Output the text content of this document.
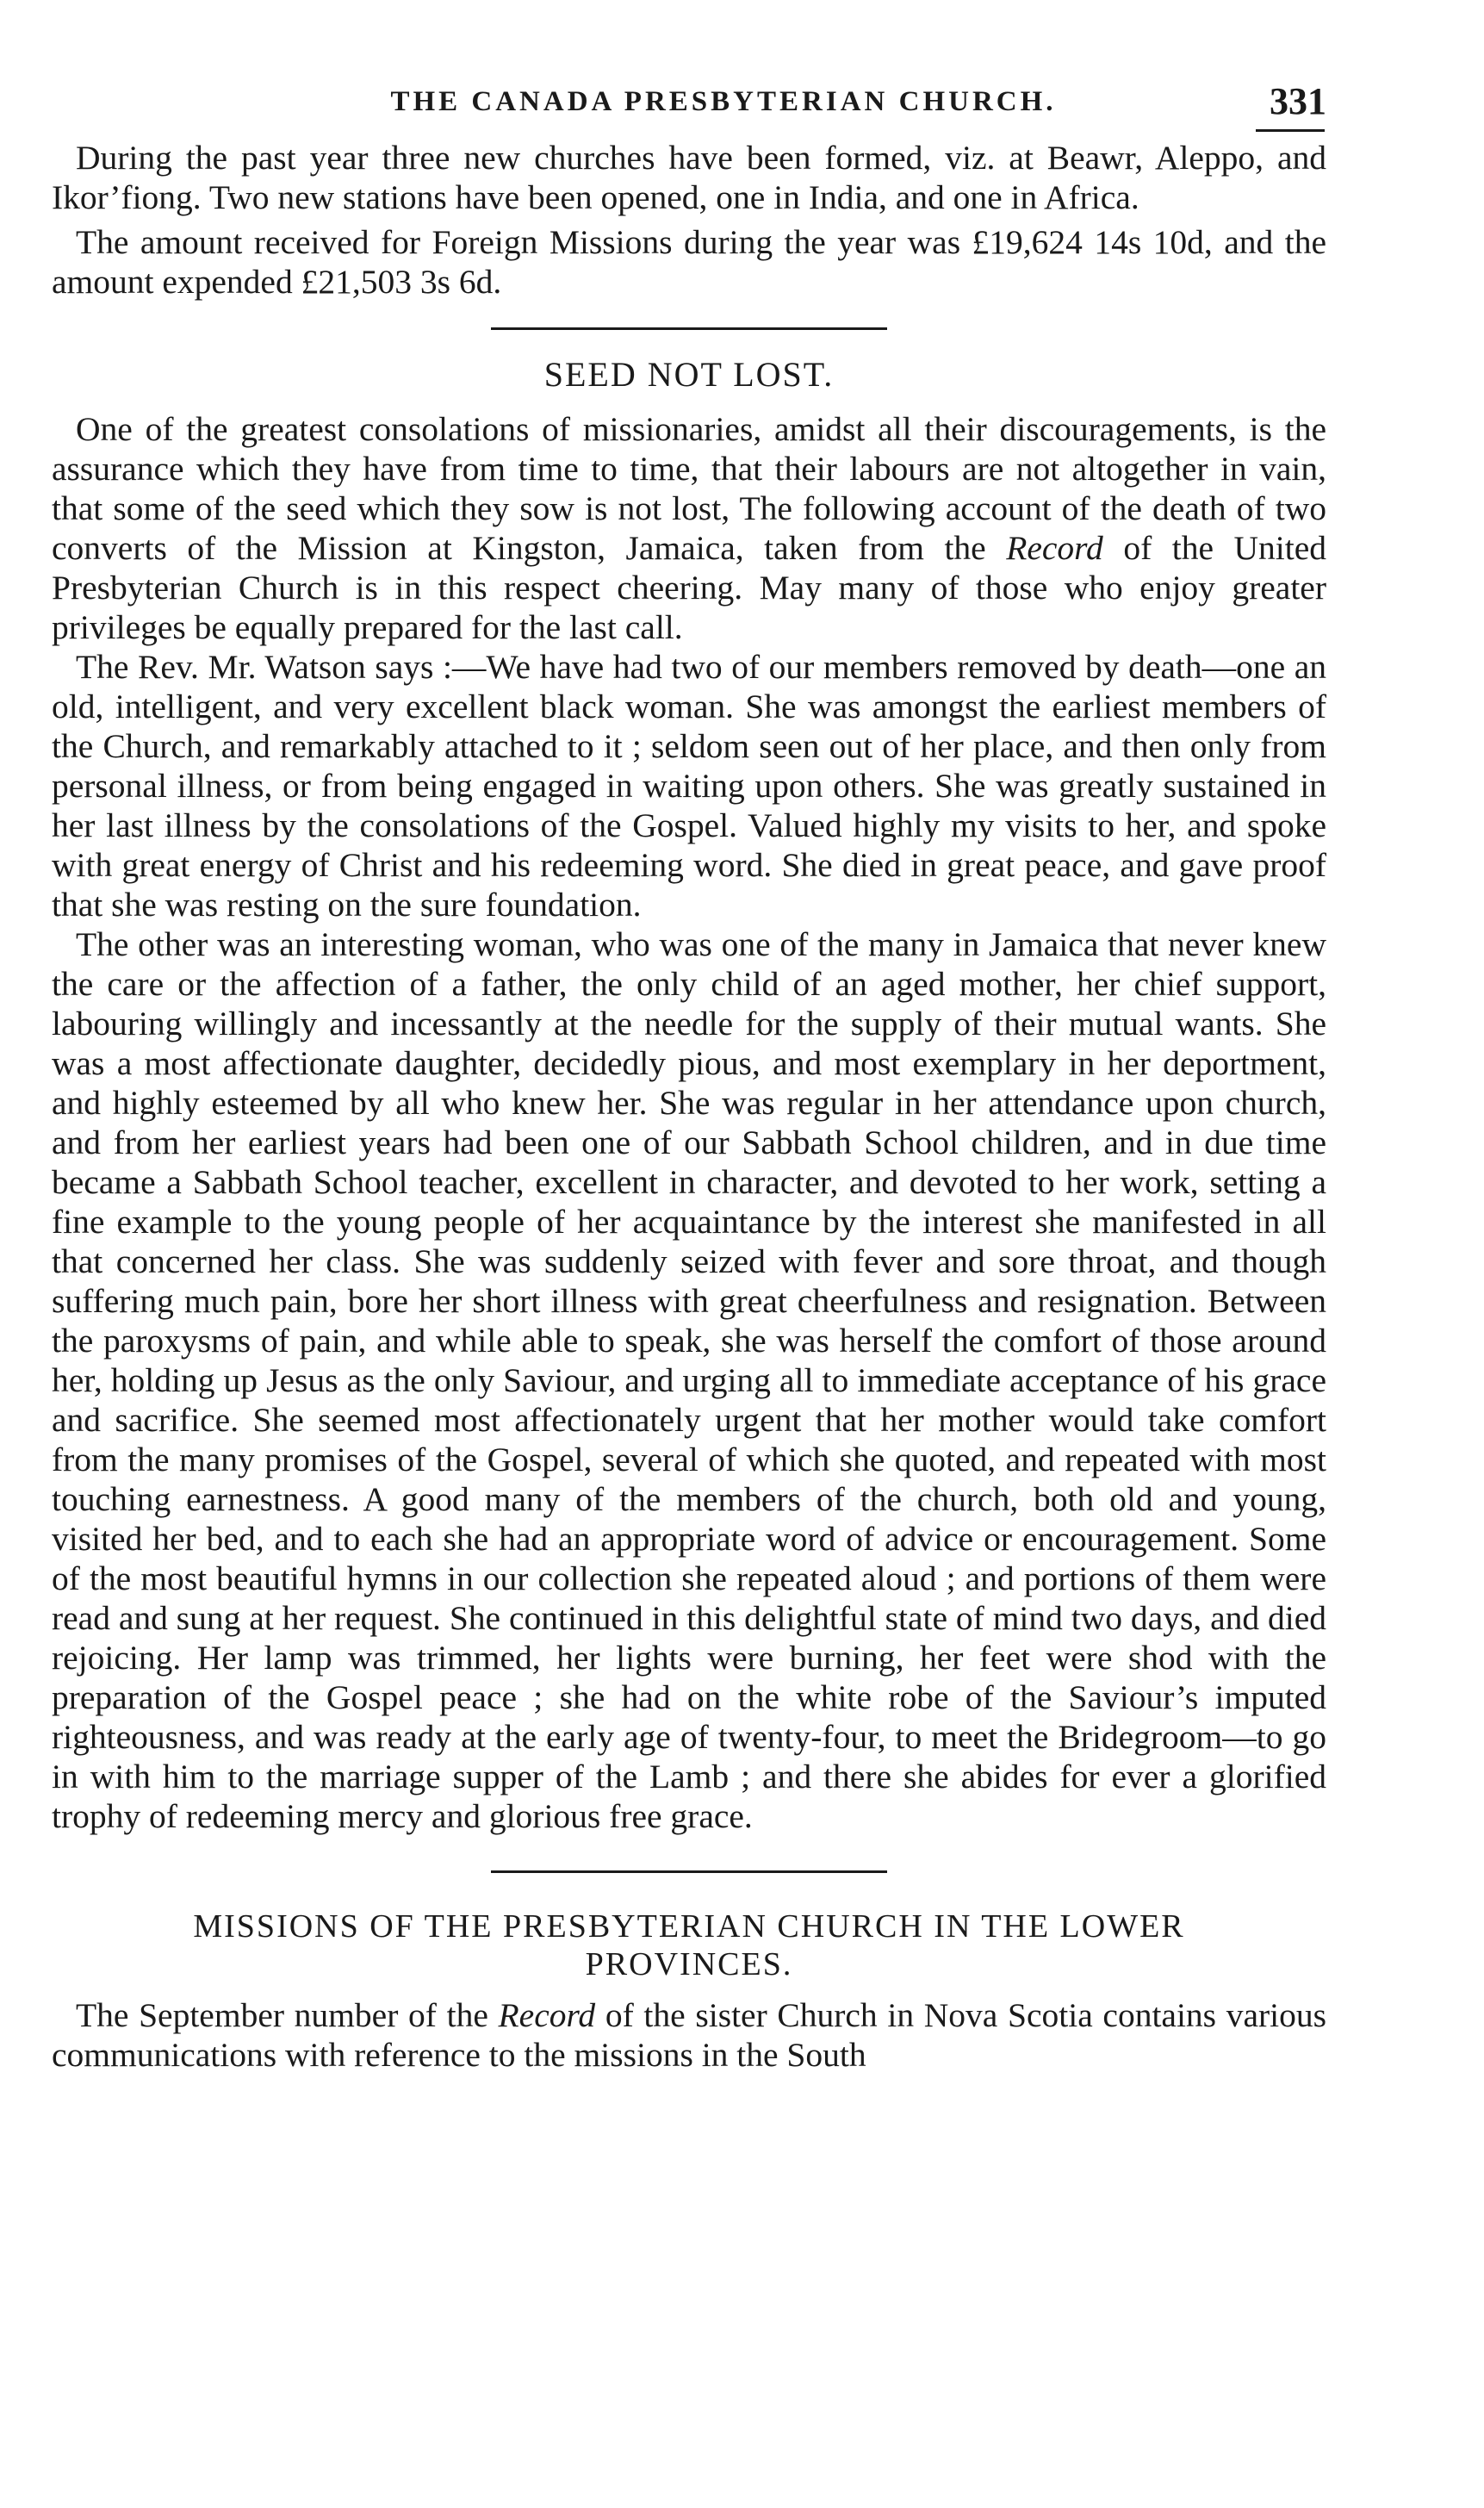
THE CANADA PRESBYTERIAN CHURCH.	331

During the past year three new churches have been formed, viz. at Beawr, Aleppo, and Ikor’fiong. Two new stations have been opened, one in India, and one in Africa.

The amount received for Foreign Missions during the year was £19,624 14s 10d, and the amount expended £21,503 3s 6d.

SEED NOT LOST.

One of the greatest consolations of missionaries, amidst all their discouragements, is the assurance which they have from time to time, that their labours are not altogether in vain, that some of the seed which they sow is not lost, The following account of the death of two converts of the Mission at Kingston, Jamaica, taken from the Record of the United Presbyterian Church is in this respect cheering. May many of those who enjoy greater privileges be equally prepared for the last call.

The Rev. Mr. Watson says :—We have had two of our members removed by death—one an old, intelligent, and very excellent black woman. She was amongst the earliest members of the Church, and remarkably attached to it ; seldom seen out of her place, and then only from personal illness, or from being engaged in waiting upon others. She was greatly sustained in her last illness by the consolations of the Gospel. Valued highly my visits to her, and spoke with great energy of Christ and his redeeming word. She died in great peace, and gave proof that she was resting on the sure foundation.

The other was an interesting woman, who was one of the many in Jamaica that never knew the care or the affection of a father, the only child of an aged mother, her chief support, labouring willingly and incessantly at the needle for the supply of their mutual wants. She was a most affectionate daughter, decidedly pious, and most exemplary in her deportment, and highly esteemed by all who knew her. She was regular in her attendance upon church, and from her earliest years had been one of our Sabbath School children, and in due time became a Sabbath School teacher, excellent in character, and devoted to her work, setting a fine example to the young people of her acquaintance by the interest she manifested in all that concerned her class. She was suddenly seized with fever and sore throat, and though suffering much pain, bore her short illness with great cheerfulness and resignation. Between the paroxysms of pain, and while able to speak, she was herself the comfort of those around her, holding up Jesus as the only Saviour, and urging all to immediate acceptance of his grace and sacrifice. She seemed most affectionately urgent that her mother would take comfort from the many promises of the Gospel, several of which she quoted, and repeated with most touching earnestness. A good many of the members of the church, both old and young, visited her bed, and to each she had an appropriate word of advice or encouragement. Some of the most beautiful hymns in our collection she repeated aloud ; and portions of them were read and sung at her request. She continued in this delightful state of mind two days, and died rejoicing. Her lamp was trimmed, her lights were burning, her feet were shod with the preparation of the Gospel peace ; she had on the white robe of the Saviour’s imputed righteousness, and was ready at the early age of twenty-four, to meet the Bridegroom—to go in with him to the marriage supper of the Lamb ; and there she abides for ever a glorified trophy of redeeming mercy and glorious free grace.

MISSIONS OF THE PRESBYTERIAN CHURCH IN THE LOWER
PROVINCES.

The September number of the Record of the sister Church in Nova Scotia contains various communications with reference to the missions in the South
